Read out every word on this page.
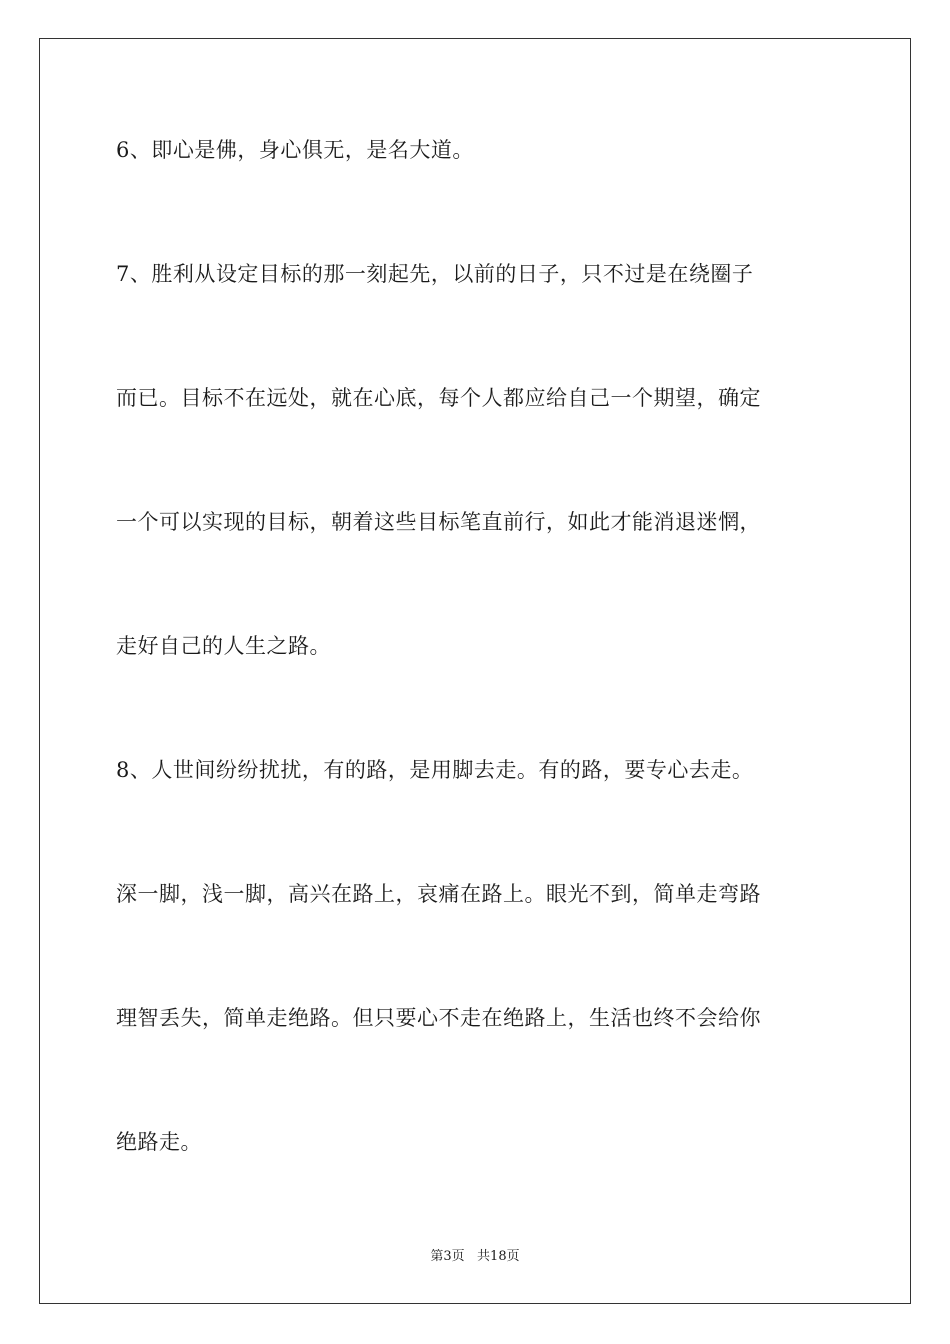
6、即心是佛，身心俱无，是名大道。
7、胜利从设定目标的那一刻起先，以前的日子，只不过是在绕圈子
而已。目标不在远处，就在心底，每个人都应给自己一个期望，确定
一个可以实现的目标，朝着这些目标笔直前行，如此才能消退迷惘，
走好自己的人生之路。
8、人世间纷纷扰扰，有的路，是用脚去走。有的路，要专心去走。
深一脚，浅一脚，高兴在路上，哀痛在路上。眼光不到，简单走弯路
理智丢失，简单走绝路。但只要心不走在绝路上，生活也终不会给你
绝路走。
第3页   共18页
